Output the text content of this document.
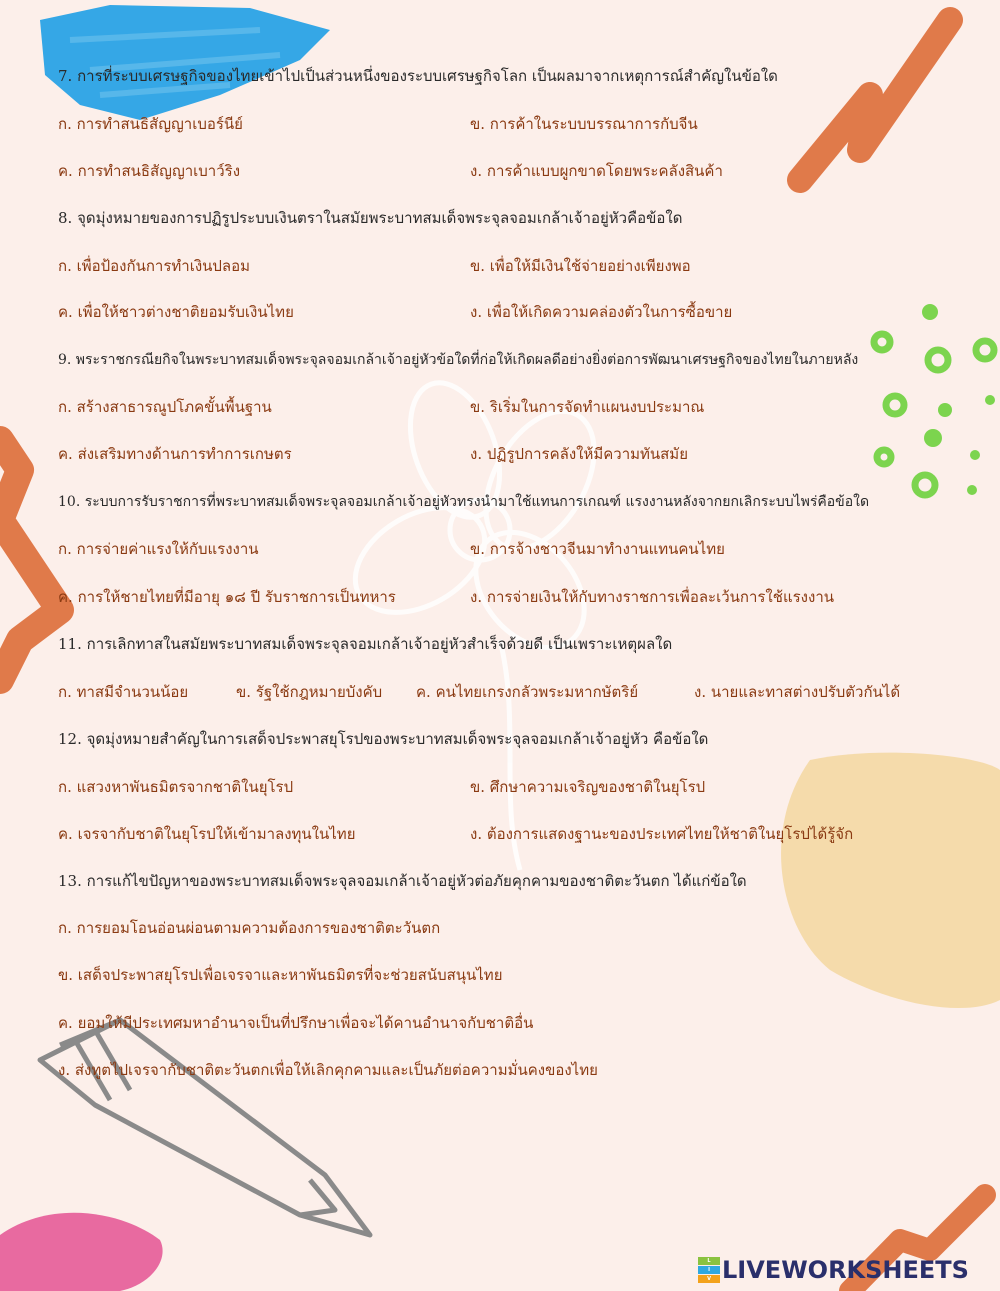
7. การที่ระบบเศรษฐกิจของไทยเข้าไปเป็นส่วนหนึ่งของระบบเศรษฐกิจโลก เป็นผลมาจากเหตุการณ์สำคัญในข้อใด
ก. การทำสนธิสัญญาเบอร์นีย์	ข. การค้าในระบบบรรณาการกับจีน
ค. การทำสนธิสัญญาเบาว์ริง	ง. การค้าแบบผูกขาดโดยพระคลังสินค้า
8. จุดมุ่งหมายของการปฏิรูประบบเงินตราในสมัยพระบาทสมเด็จพระจุลจอมเกล้าเจ้าอยู่หัวคือข้อใด
ก. เพื่อป้องกันการทำเงินปลอม	ข. เพื่อให้มีเงินใช้จ่ายอย่างเพียงพอ
ค. เพื่อให้ชาวต่างชาติยอมรับเงินไทย	ง. เพื่อให้เกิดความคล่องตัวในการซื้อขาย
9. พระราชกรณียกิจในพระบาทสมเด็จพระจุลจอมเกล้าเจ้าอยู่หัวข้อใดที่ก่อให้เกิดผลดีอย่างยิ่งต่อการพัฒนาเศรษฐกิจของไทยในภายหลัง
ก. สร้างสาธารณูปโภคขั้นพื้นฐาน	ข. ริเริ่มในการจัดทำแผนงบประมาณ
ค. ส่งเสริมทางด้านการทำการเกษตร	ง. ปฏิรูปการคลังให้มีความทันสมัย
10. ระบบการรับราชการที่พระบาทสมเด็จพระจุลจอมเกล้าเจ้าอยู่หัวทรงนำมาใช้แทนการเกณฑ์ แรงงานหลังจากยกเลิกระบบไพร่คือข้อใด
ก. การจ่ายค่าแรงให้กับแรงงาน	ข. การจ้างชาวจีนมาทำงานแทนคนไทย
ค. การให้ชายไทยที่มีอายุ ๑๘ ปี รับราชการเป็นทหาร	ง. การจ่ายเงินให้กับทางราชการเพื่อละเว้นการใช้แรงงาน
11. การเลิกทาสในสมัยพระบาทสมเด็จพระจุลจอมเกล้าเจ้าอยู่หัวสำเร็จด้วยดี เป็นเพราะเหตุผลใด
ก. ทาสมีจำนวนน้อย	ข. รัฐใช้กฎหมายบังคับ ค. คนไทยเกรงกลัวพระมหากษัตริย์	ง. นายและทาสต่างปรับตัวกันได้
12. จุดมุ่งหมายสำคัญในการเสด็จประพาสยุโรปของพระบาทสมเด็จพระจุลจอมเกล้าเจ้าอยู่หัว คือข้อใด
ก. แสวงหาพันธมิตรจากชาติในยุโรป	ข. ศึกษาความเจริญของชาติในยุโรป
ค. เจรจากับชาติในยุโรปให้เข้ามาลงทุนในไทย	ง. ต้องการแสดงฐานะของประเทศไทยให้ชาติในยุโรปได้รู้จัก
13. การแก้ไขปัญหาของพระบาทสมเด็จพระจุลจอมเกล้าเจ้าอยู่หัวต่อภัยคุกคามของชาติตะวันตก ได้แก่ข้อใด
ก. การยอมโอนอ่อนผ่อนตามความต้องการของชาติตะวันตก
ข. เสด็จประพาสยุโรปเพื่อเจรจาและหาพันธมิตรที่จะช่วยสนับสนุนไทย
ค. ยอมให้มีประเทศมหาอำนาจเป็นที่ปรึกษาเพื่อจะได้คานอำนาจกับชาติอื่น
ง. ส่งทูตไปเจรจากับชาติตะวันตกเพื่อให้เลิกคุกคามและเป็นภัยต่อความมั่นคงของไทย
L
I
V LIVEWORKSHEETS
